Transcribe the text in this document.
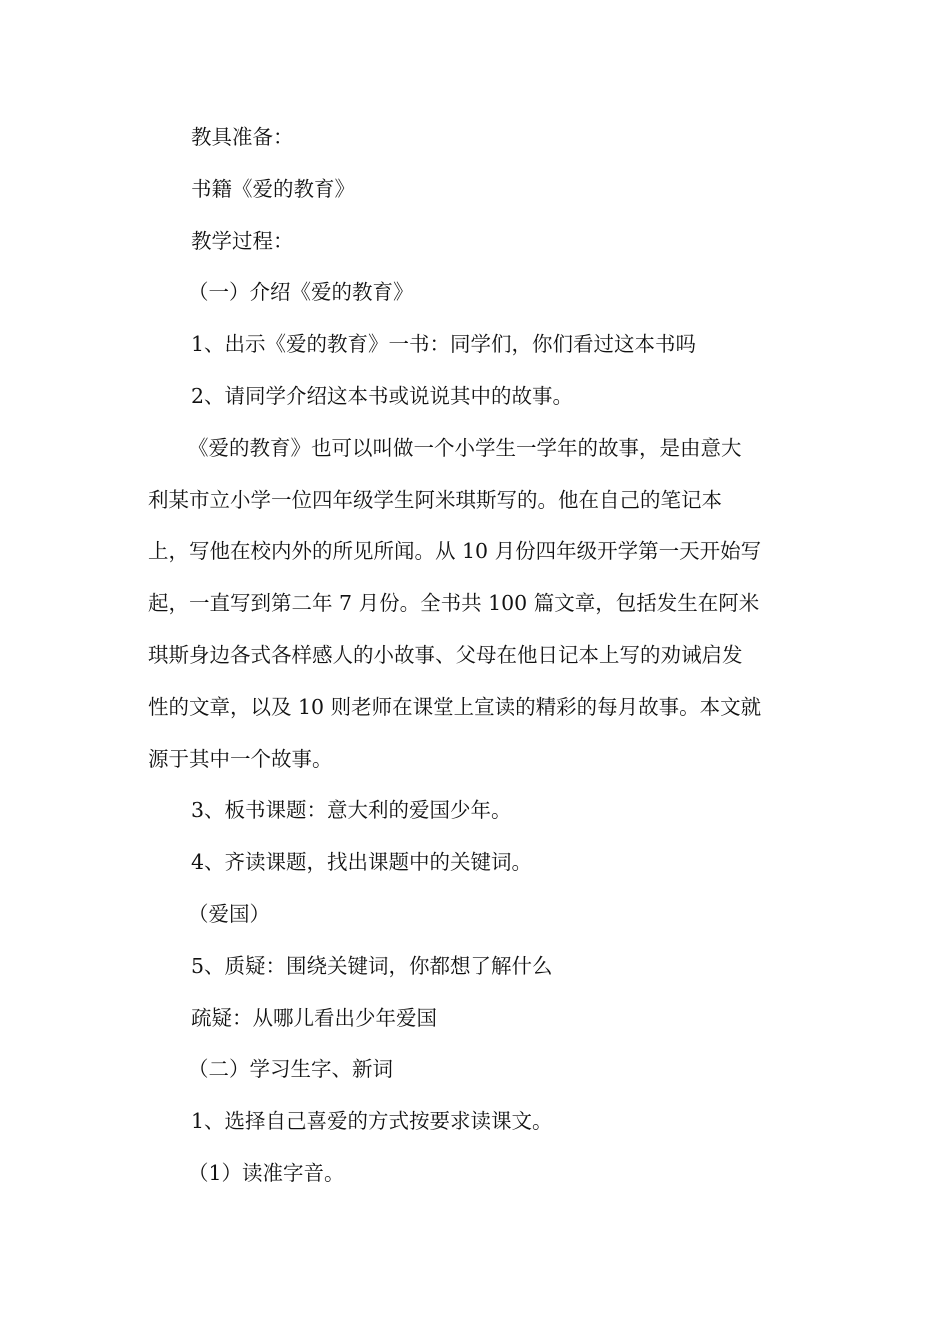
教具准备：

书籍《爱的教育》

教学过程：

（一）介绍《爱的教育》

1、出示《爱的教育》一书：同学们，你们看过这本书吗

2、请同学介绍这本书或说说其中的故事。

《爱的教育》也可以叫做一个小学生一学年的故事，是由意大

利某市立小学一位四年级学生阿米琪斯写的。他在自己的笔记本

上，写他在校内外的所见所闻。从 10 月份四年级开学第一天开始写

起，一直写到第二年 7 月份。全书共 100 篇文章，包括发生在阿米

琪斯身边各式各样感人的小故事、父母在他日记本上写的劝诫启发

性的文章，以及 10 则老师在课堂上宣读的精彩的每月故事。本文就

源于其中一个故事。

3、板书课题：意大利的爱国少年。

4、齐读课题，找出课题中的关键词。

（爱国）

5、质疑：围绕关键词，你都想了解什么

疏疑：从哪儿看出少年爱国

（二）学习生字、新词

1、选择自己喜爱的方式按要求读课文。

（1）读准字音。
